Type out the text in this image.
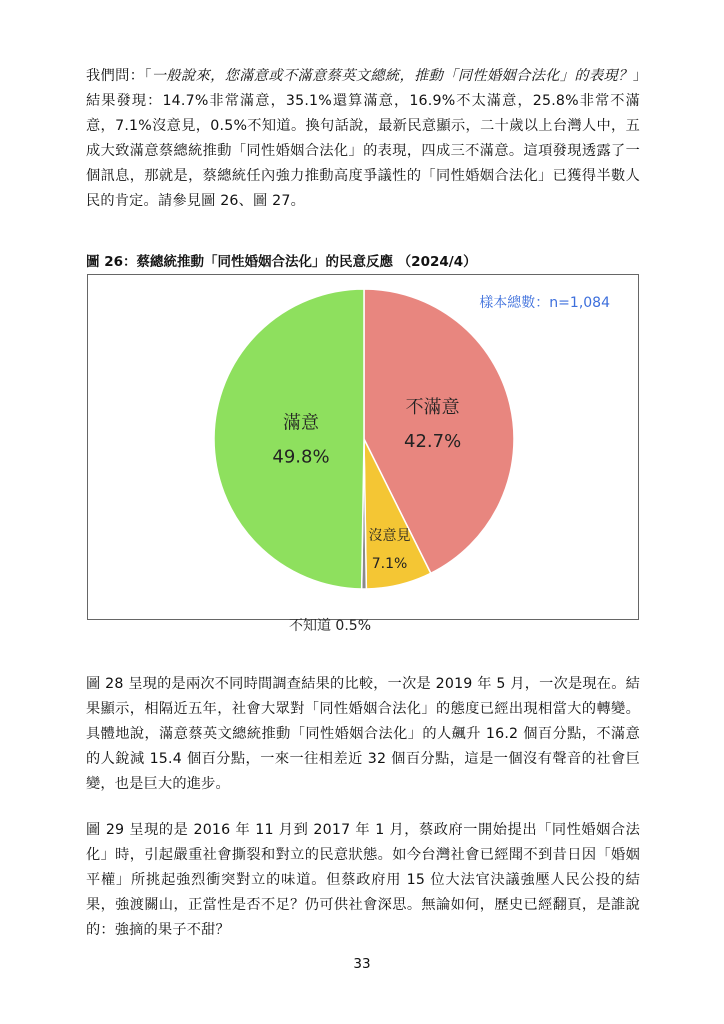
我們問：「一般說來，您滿意或不滿意蔡英文總統，推動「同性婚姻合法化」的表現？」結果發現：14.7%非常滿意，35.1%還算滿意，16.9%不太滿意，25.8%非常不滿意，7.1%沒意見，0.5%不知道。換句話說，最新民意顯示，二十歲以上台灣人中，五成大致滿意蔡總統推動「同性婚姻合法化」的表現，四成三不滿意。這項發現透露了一個訊息，那就是，蔡總統任內強力推動高度爭議性的「同性婚姻合法化」已獲得半數人民的肯定。請參見圖 26、圖 27。

圖 26：蔡總統推動「同性婚姻合法化」的民意反應 （2024/4）

樣本總數：n=1,084
不滿意
42.7%
沒意見
7.1%
不知道 0.5%
滿意
49.8%

圖 28 呈現的是兩次不同時間調查結果的比較，一次是 2019 年 5 月，一次是現在。結果顯示，相隔近五年，社會大眾對「同性婚姻合法化」的態度已經出現相當大的轉變。具體地說，滿意蔡英文總統推動「同性婚姻合法化」的人飆升 16.2 個百分點，不滿意的人銳減 15.4 個百分點，一來一往相差近 32 個百分點，這是一個沒有聲音的社會巨變，也是巨大的進步。

圖 29 呈現的是 2016 年 11 月到 2017 年 1 月，蔡政府一開始提出「同性婚姻合法化」時，引起嚴重社會撕裂和對立的民意狀態。如今台灣社會已經聞不到昔日因「婚姻平權」所挑起強烈衝突對立的味道。但蔡政府用 15 位大法官決議強壓人民公投的結果，強渡關山，正當性是否不足？仍可供社會深思。無論如何，歷史已經翻頁，是誰說的：強摘的果子不甜？

33
